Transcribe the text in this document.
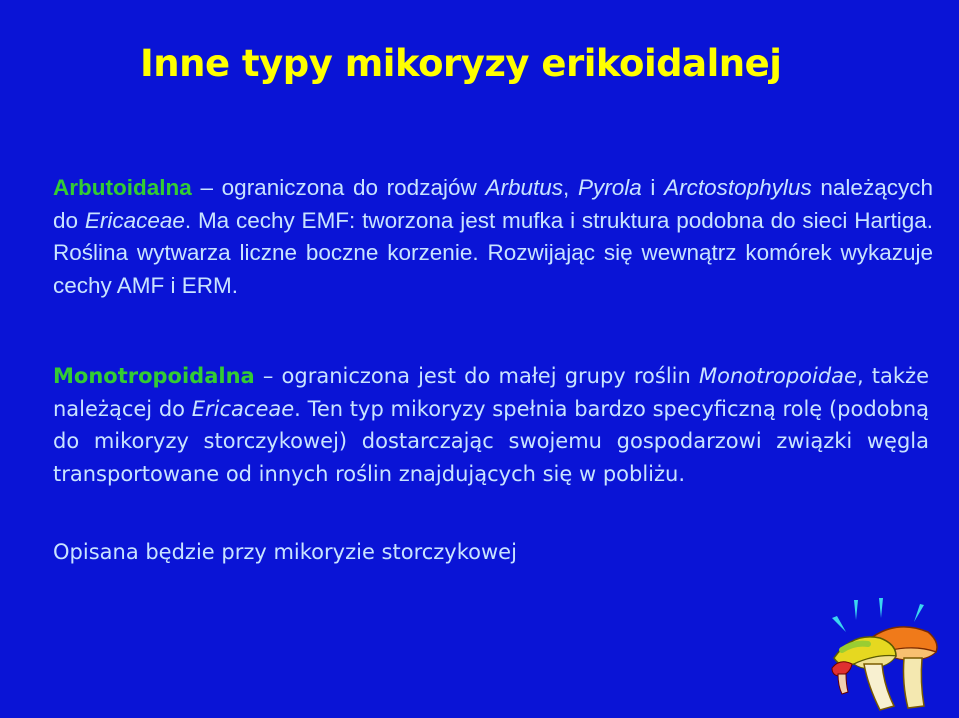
Inne typy mikoryzy erikoidalnej
Arbutoidalna – ograniczona do rodzajów Arbutus, Pyrola i Arctostophylus należących do Ericaceae. Ma cechy EMF: tworzona jest mufka i struktura podobna do sieci Hartiga. Roślina wytwarza liczne boczne korzenie. Rozwijając się wewnątrz komórek wykazuje cechy AMF i ERM.
Monotropoidalna – ograniczona jest do małej grupy roślin Monotropoidae, także należącej do Ericaceae. Ten typ mikoryzy spełnia bardzo specyficzną rolę (podobną do mikoryzy storczykowej) dostarczając swojemu gospodarzowi związki węgla transportowane od innych roślin znajdujących się w pobliżu.
Opisana będzie przy mikoryzie storczykowej
